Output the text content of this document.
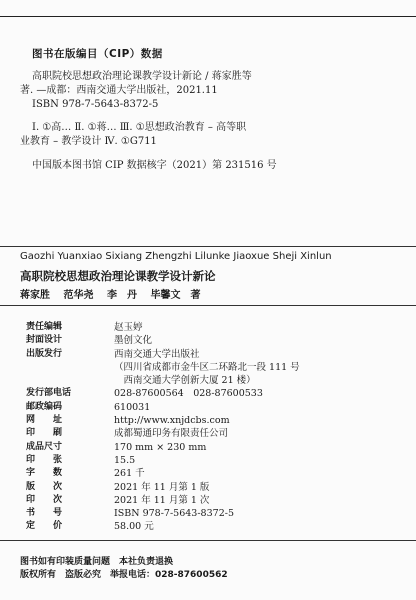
图书在版编目（CIP）数据

高职院校思想政治理论课教学设计新论 / 蒋家胜等

著. —成都：西南交通大学出版社，2021.11

ISBN 978-7-5643-8372-5

Ⅰ. ①高… Ⅱ. ①蒋… Ⅲ. ①思想政治教育 – 高等职

业教育 – 教学设计 Ⅳ. ①G711

中国版本图书馆 CIP 数据核字（2021）第 231516 号

Gaozhi Yuanxiao Sixiang Zhengzhi Lilunke Jiaoxue Sheji Xinlun
高职院校思想政治理论课教学设计新论
蒋家胜　 范华尧　 李　丹　 毕馨文　著
责任编辑	赵玉婷
封面设计	墨创文化
出版发行	西南交通大学出版社
（四川省成都市金牛区二环路北一段 111 号
　西南交通大学创新大厦 21 楼）
发行部电话	028-87600564　028-87600533
邮政编码	610031
网　　址	http://www.xnjdcbs.com
印　　刷	成都蜀通印务有限责任公司
成品尺寸	170 mm × 230 mm
印　　张	15.5
字　　数	261 千
版　　次	2021 年 11 月第 1 版
印　　次	2021 年 11 月第 1 次
书　　号	ISBN 978-7-5643-8372-5
定　　价	58.00 元

图书如有印装质量问题　本社负责退换

版权所有　盗版必究　举报电话：028-87600562
